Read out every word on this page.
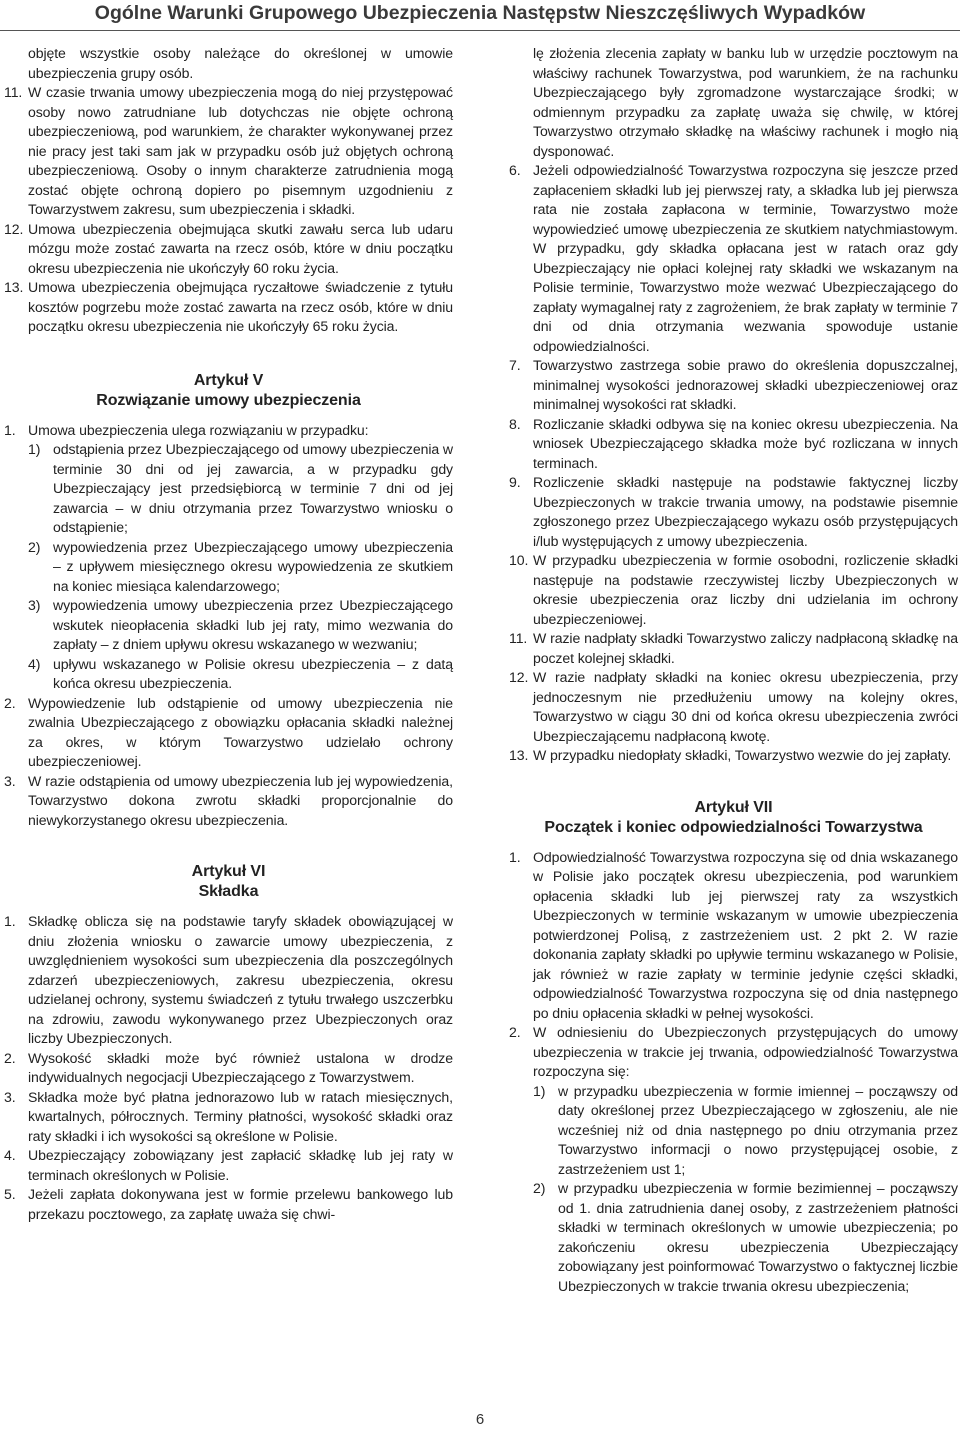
Ogólne Warunki Grupowego Ubezpieczenia Następstw Nieszczęśliwych Wypadków

objęte wszystkie osoby należące do określonej w umowie ubezpieczenia grupy osób.

11. W czasie trwania umowy ubezpieczenia mogą do niej przystępować osoby nowo zatrudniane lub dotychczas nie objęte ochroną ubezpieczeniową, pod warunkiem, że charakter wykonywanej przez nie pracy jest taki sam jak w przypadku osób już objętych ochroną ubezpieczeniową. Osoby o innym charakterze zatrudnienia mogą zostać objęte ochroną dopiero po pisemnym uzgodnieniu z Towarzystwem zakresu, sum ubezpieczenia i składki.
12. Umowa ubezpieczenia obejmująca skutki zawału serca lub udaru mózgu może zostać zawarta na rzecz osób, które w dniu początku okresu ubezpieczenia nie ukończyły 60 roku życia.
13. Umowa ubezpieczenia obejmująca ryczałtowe świadczenie z tytułu kosztów pogrzebu może zostać zawarta na rzecz osób, które w dniu początku okresu ubezpieczenia nie ukończyły 65 roku życia.

Artykuł V

Rozwiązanie umowy ubezpieczenia

1. Umowa ubezpieczenia ulega rozwiązaniu w przypadku:
1) odstąpienia przez Ubezpieczającego od umowy ubezpieczenia w terminie 30 dni od jej zawarcia, a w przypadku gdy Ubezpieczający jest przedsiębiorcą w terminie 7 dni od jej zawarcia – w dniu otrzymania przez Towarzystwo wniosku o odstąpienie;
2) wypowiedzenia przez Ubezpieczającego umowy ubezpieczenia – z upływem miesięcznego okresu wypowiedzenia ze skutkiem na koniec miesiąca kalendarzowego;
3) wypowiedzenia umowy ubezpieczenia przez Ubezpieczającego wskutek nieopłacenia składki lub jej raty, mimo wezwania do zapłaty – z dniem upływu okresu wskazanego w wezwaniu;
4) upływu wskazanego w Polisie okresu ubezpieczenia – z datą końca okresu ubezpieczenia.
2. Wypowiedzenie lub odstąpienie od umowy ubezpieczenia nie zwalnia Ubezpieczającego z obowiązku opłacania składki należnej za okres, w którym Towarzystwo udzielało ochrony ubezpieczeniowej.
3. W razie odstąpienia od umowy ubezpieczenia lub jej wypowiedzenia, Towarzystwo dokona zwrotu składki proporcjonalnie do niewykorzystanego okresu ubezpieczenia.

Artykuł VI

Składka

1. Składkę oblicza się na podstawie taryfy składek obowiązującej w dniu złożenia wniosku o zawarcie umowy ubezpieczenia, z uwzględnieniem wysokości sum ubezpieczenia dla poszczególnych zdarzeń ubezpieczeniowych, zakresu ubezpieczenia, okresu udzielanej ochrony, systemu świadczeń z tytułu trwałego uszczerbku na zdrowiu, zawodu wykonywanego przez Ubezpieczonych oraz liczby Ubezpieczonych.
2. Wysokość składki może być również ustalona w drodze indywidualnych negocjacji Ubezpieczającego z Towarzystwem.
3. Składka może być płatna jednorazowo lub w ratach miesięcznych, kwartalnych, półrocznych. Terminy płatności, wysokość składki oraz raty składki i ich wysokości są określone w Polisie.
4. Ubezpieczający zobowiązany jest zapłacić składkę lub jej raty w terminach określonych w Polisie.
5. Jeżeli zapłata dokonywana jest w formie przelewu bankowego lub przekazu pocztowego, za zapłatę uważa się chwi-

lę złożenia zlecenia zapłaty w banku lub w urzędzie pocztowym na właściwy rachunek Towarzystwa, pod warunkiem, że na rachunku Ubezpieczającego były zgromadzone wystarczające środki; w odmiennym przypadku za zapłatę uważa się chwilę, w której Towarzystwo otrzymało składkę na właściwy rachunek i mogło nią dysponować.

6. Jeżeli odpowiedzialność Towarzystwa rozpoczyna się jeszcze przed zapłaceniem składki lub jej pierwszej raty, a składka lub jej pierwsza rata nie została zapłacona w terminie, Towarzystwo może wypowiedzieć umowę ubezpieczenia ze skutkiem natychmiastowym. W przypadku, gdy składka opłacana jest w ratach oraz gdy Ubezpieczający nie opłaci kolejnej raty składki we wskazanym na Polisie terminie, Towarzystwo może wezwać Ubezpieczającego do zapłaty wymagalnej raty z zagrożeniem, że brak zapłaty w terminie 7 dni od dnia otrzymania wezwania spowoduje ustanie odpowiedzialności.
7. Towarzystwo zastrzega sobie prawo do określenia dopuszczalnej, minimalnej wysokości jednorazowej składki ubezpieczeniowej oraz minimalnej wysokości rat składki.
8. Rozliczanie składki odbywa się na koniec okresu ubezpieczenia. Na wniosek Ubezpieczającego składka może być rozliczana w innych terminach.
9. Rozliczenie składki następuje na podstawie faktycznej liczby Ubezpieczonych w trakcie trwania umowy, na podstawie pisemnie zgłoszonego przez Ubezpieczającego wykazu osób przystępujących i/lub występujących z umowy ubezpieczenia.
10. W przypadku ubezpieczenia w formie osobodni, rozliczenie składki następuje na podstawie rzeczywistej liczby Ubezpieczonych w okresie ubezpieczenia oraz liczby dni udzielania im ochrony ubezpieczeniowej.
11. W razie nadpłaty składki Towarzystwo zaliczy nadpłaconą składkę na poczet kolejnej składki.
12. W razie nadpłaty składki na koniec okresu ubezpieczenia, przy jednoczesnym nie przedłużeniu umowy na kolejny okres, Towarzystwo w ciągu 30 dni od końca okresu ubezpieczenia zwróci Ubezpieczającemu nadpłaconą kwotę.
13. W przypadku niedopłaty składki, Towarzystwo wezwie do jej zapłaty.

Artykuł VII

Początek i koniec odpowiedzialności Towarzystwa

1. Odpowiedzialność Towarzystwa rozpoczyna się od dnia wskazanego w Polisie jako początek okresu ubezpieczenia, pod warunkiem opłacenia składki lub jej pierwszej raty za wszystkich Ubezpieczonych w terminie wskazanym w umowie ubezpieczenia potwierdzonej Polisą, z zastrzeżeniem ust. 2 pkt 2. W razie dokonania zapłaty składki po upływie terminu wskazanego w Polisie, jak również w razie zapłaty w terminie jedynie części składki, odpowiedzialność Towarzystwa rozpoczyna się od dnia następnego po dniu opłacenia składki w pełnej wysokości.
2. W odniesieniu do Ubezpieczonych przystępujących do umowy ubezpieczenia w trakcie jej trwania, odpowiedzialność Towarzystwa rozpoczyna się:
1) w przypadku ubezpieczenia w formie imiennej – począwszy od daty określonej przez Ubezpieczającego w zgłoszeniu, ale nie wcześniej niż od dnia następnego po dniu otrzymania przez Towarzystwo informacji o nowo przystępującej osobie, z zastrzeżeniem ust 1;
2) w przypadku ubezpieczenia w formie bezimiennej – począwszy od 1. dnia zatrudnienia danej osoby, z zastrzeżeniem płatności składki w terminach określonych w umowie ubezpieczenia; po zakończeniu okresu ubezpieczenia Ubezpieczający zobowiązany jest poinformować Towarzystwo o faktycznej liczbie Ubezpieczonych w trakcie trwania okresu ubezpieczenia;
6
